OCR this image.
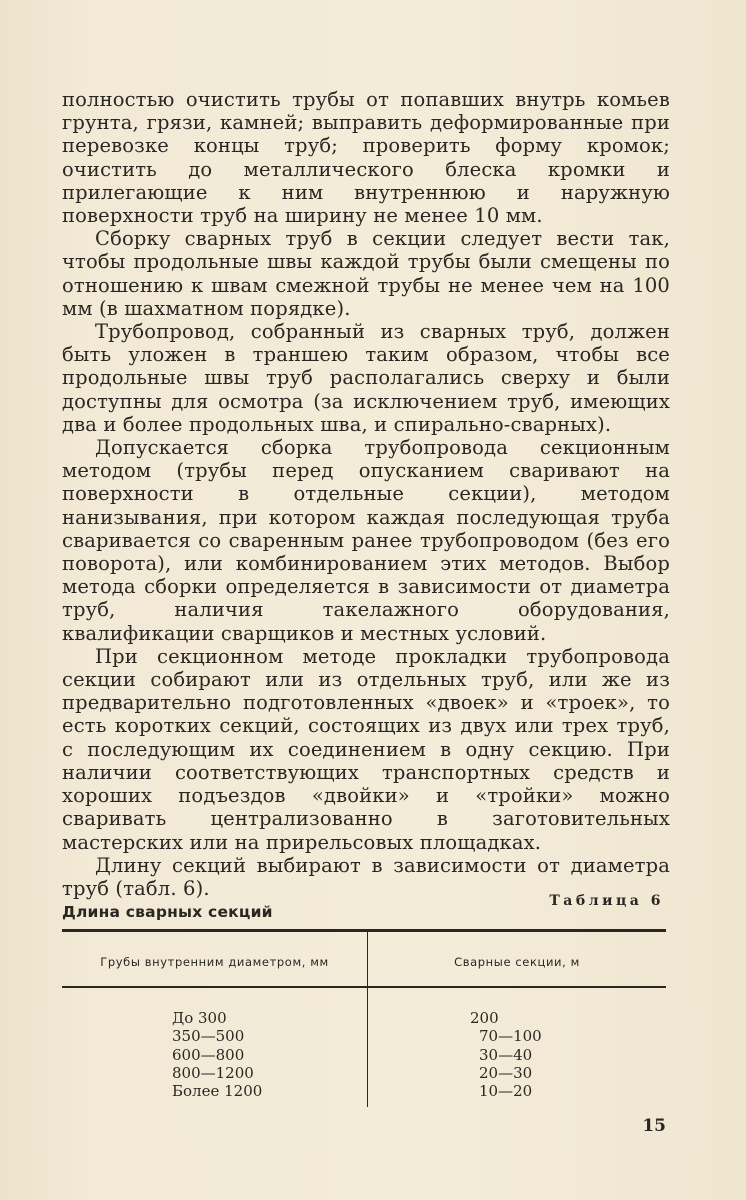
полностью очистить трубы от попавших внутрь комьев грунта, грязи, камней; выправить деформированные при перевозке концы труб; проверить форму кромок; очистить до металлического блеска кромки и прилегающие к ним внутреннюю и наружную поверхности труб на ширину не менее 10 мм.

Сборку сварных труб в секции следует вести так, чтобы продольные швы каждой трубы были смещены по отношению к швам смежной трубы не менее чем на 100 мм (в шахматном порядке).

Трубопровод, собранный из сварных труб, должен быть уложен в траншею таким образом, чтобы все продольные швы труб располагались сверху и были доступны для осмотра (за исключением труб, имеющих два и более продольных шва, и спирально-сварных).

Допускается сборка трубопровода секционным методом (трубы перед опусканием сваривают на поверхности в отдельные секции), методом нанизывания, при котором каждая последующая труба сваривается со сваренным ранее трубопроводом (без его поворота), или комбинированием этих методов. Выбор метода сборки определяется в зависимости от диаметра труб, наличия такелажного оборудования, квалификации сварщиков и местных условий.

При секционном методе прокладки трубопровода секции собирают или из отдельных труб, или же из предварительно подготовленных «двоек» и «троек», то есть коротких секций, состоящих из двух или трех труб, с последующим их соединением в одну секцию. При наличии соответствующих транспортных средств и хороших подъездов «двойки» и «тройки» можно сваривать централизованно в заготовительных мастерских или на прирельсовых площадках.

Длину секций выбирают в зависимости от диаметра труб (табл. 6).

Таблица 6
Длина сварных секций
Грубы внутренним диаметром, мм	Сварные секции, м
До 300
350—500
600—800
800—1200
Более 1200
200
70—100
30—40
20—30
10—20
15
